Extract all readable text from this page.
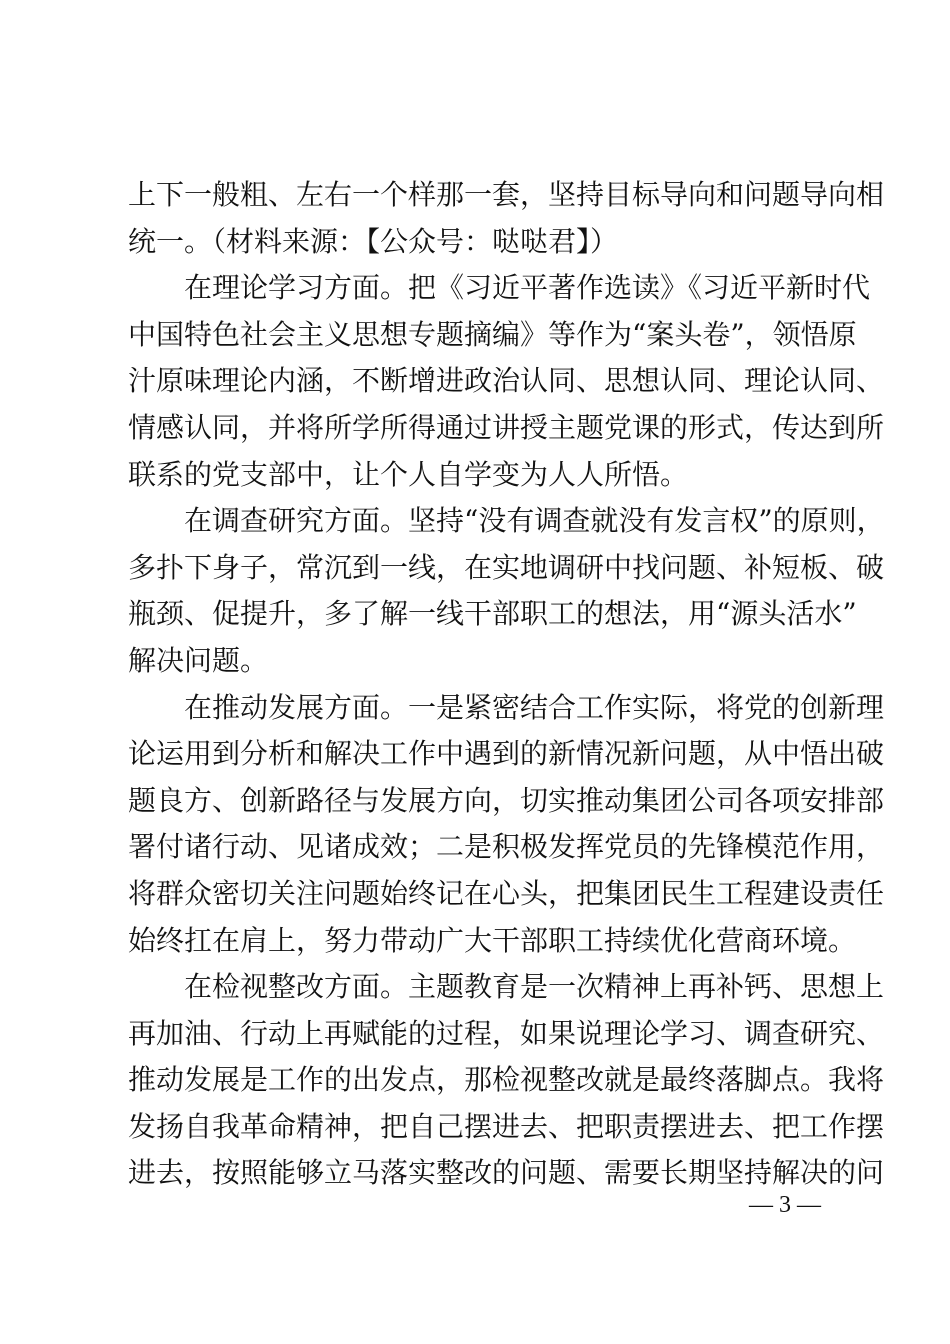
上下一般粗、左右一个样那一套，坚持目标导向和问题导向相
统一。（材料来源：【公众号：哒哒君】）
在理论学习方面。把《习近平著作选读》《习近平新时代
中国特色社会主义思想专题摘编》等作为“案头卷”，领悟原
汁原味理论内涵，不断增进政治认同、思想认同、理论认同、
情感认同，并将所学所得通过讲授主题党课的形式，传达到所
联系的党支部中，让个人自学变为人人所悟。
在调查研究方面。坚持“没有调查就没有发言权”的原则，
多扑下身子，常沉到一线，在实地调研中找问题、补短板、破
瓶颈、促提升，多了解一线干部职工的想法，用“源头活水”
解决问题。
在推动发展方面。一是紧密结合工作实际，将党的创新理
论运用到分析和解决工作中遇到的新情况新问题，从中悟出破
题良方、创新路径与发展方向，切实推动集团公司各项安排部
署付诸行动、见诸成效；二是积极发挥党员的先锋模范作用，
将群众密切关注问题始终记在心头，把集团民生工程建设责任
始终扛在肩上，努力带动广大干部职工持续优化营商环境。
在检视整改方面。主题教育是一次精神上再补钙、思想上
再加油、行动上再赋能的过程，如果说理论学习、调查研究、
推动发展是工作的出发点，那检视整改就是最终落脚点。我将
发扬自我革命精神，把自己摆进去、把职责摆进去、把工作摆
进去，按照能够立马落实整改的问题、需要长期坚持解决的问
— 3 —
